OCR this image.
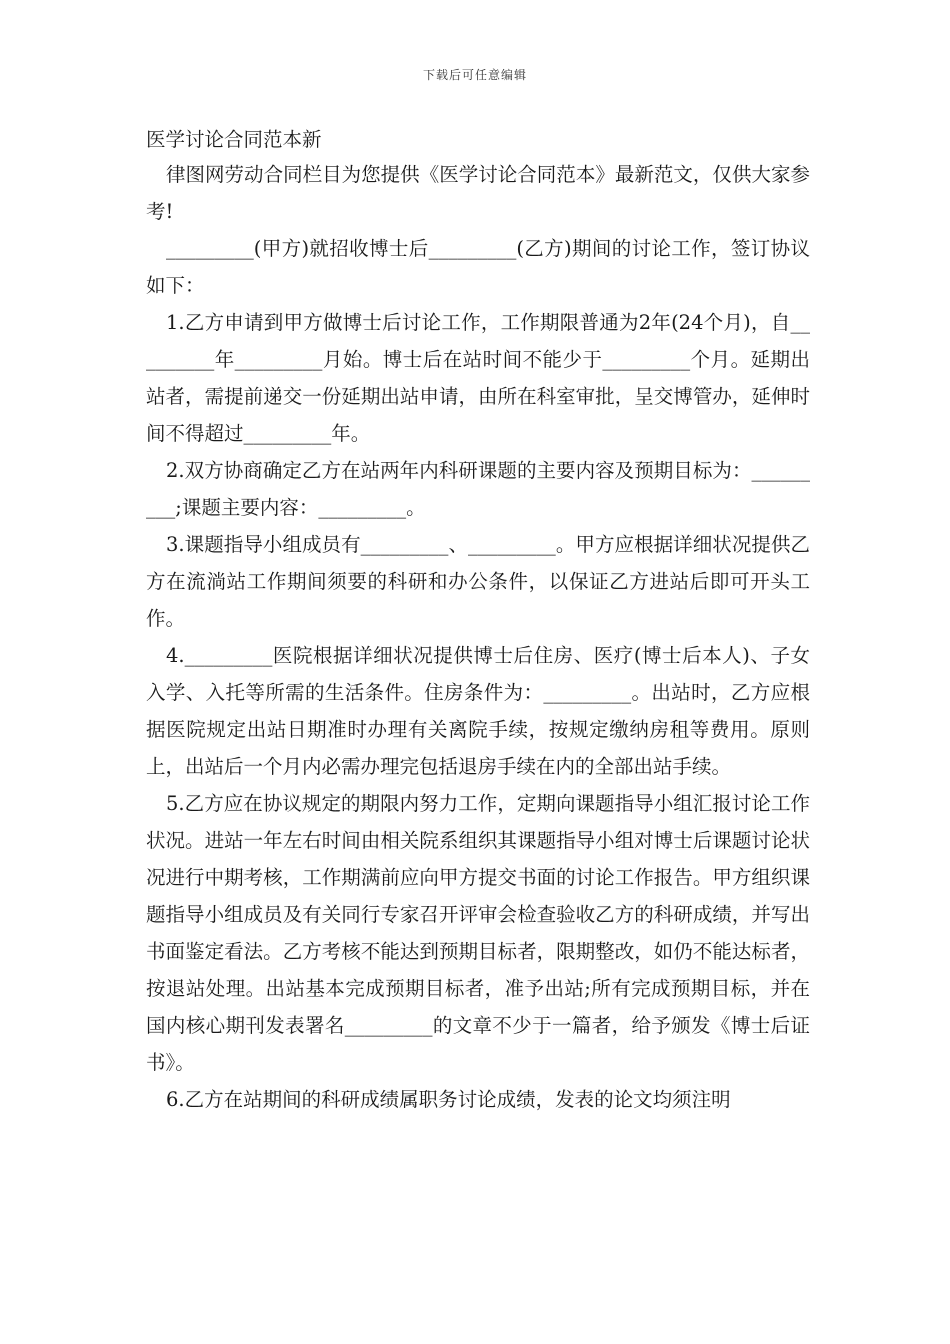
下载后可任意编辑
医学讨论合同范本新

律图网劳动合同栏目为您提供《医学讨论合同范本》最新范文，仅供大家参考!

_________(甲方)就招收博士后_________(乙方)期间的讨论工作，签订协议如下：

1.乙方申请到甲方做博士后讨论工作，工作期限普通为2年(24个月)，自_________年_________月始。博士后在站时间不能少于_________个月。延期出站者，需提前递交一份延期出站申请，由所在科室审批，呈交博管办，延伸时间不得超过_________年。

2.双方协商确定乙方在站两年内科研课题的主要内容及预期目标为：_________;课题主要内容：_________。

3.课题指导小组成员有_________、_________。甲方应根据详细状况提供乙方在流淌站工作期间须要的科研和办公条件，以保证乙方进站后即可开头工作。

4._________医院根据详细状况提供博士后住房、医疗(博士后本人)、子女入学、入托等所需的生活条件。住房条件为：_________。出站时，乙方应根据医院规定出站日期准时办理有关离院手续，按规定缴纳房租等费用。原则上，出站后一个月内必需办理完包括退房手续在内的全部出站手续。

5.乙方应在协议规定的期限内努力工作，定期向课题指导小组汇报讨论工作状况。进站一年左右时间由相关院系组织其课题指导小组对博士后课题讨论状况进行中期考核，工作期满前应向甲方提交书面的讨论工作报告。甲方组织课题指导小组成员及有关同行专家召开评审会检查验收乙方的科研成绩，并写出书面鉴定看法。乙方考核不能达到预期目标者，限期整改，如仍不能达标者，按退站处理。出站基本完成预期目标者，准予出站;所有完成预期目标，并在国内核心期刊发表署名_________的文章不少于一篇者，给予颁发《博士后证书》。

6.乙方在站期间的科研成绩属职务讨论成绩，发表的论文均须注明
